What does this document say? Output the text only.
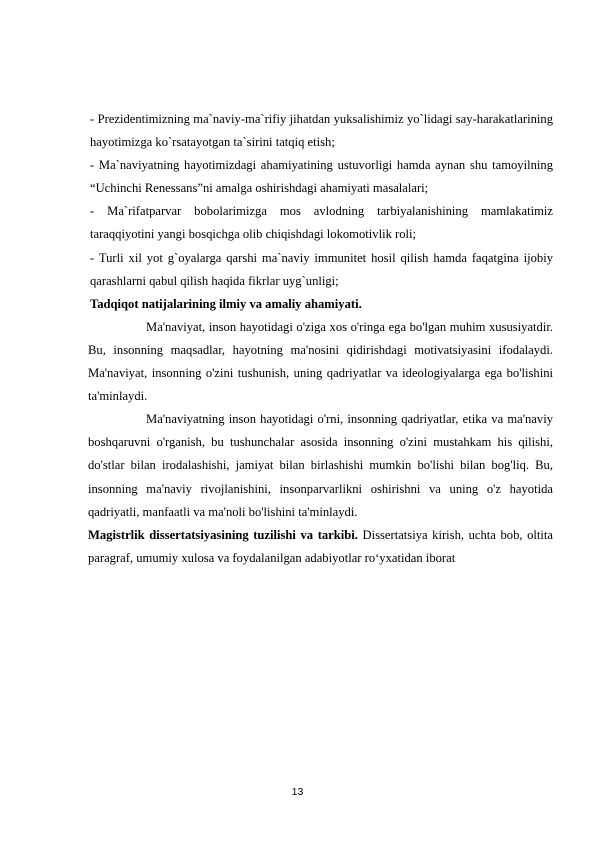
- Prezidentimizning ma`naviy-ma`rifiy jihatdan yuksalishimiz yo`lidagi say-harakatlarining hayotimizga ko`rsatayotgan ta`sirini tatqiq etish;

- Ma`naviyatning hayotimizdagi ahamiyatining ustuvorligi hamda aynan shu tamoyilning “Uchinchi Renessans”ni amalga oshirishdagi ahamiyati masalalari;

- Ma`rifatparvar bobolarimizga mos avlodning tarbiyalanishining mamlakatimiz taraqqiyotini yangi bosqichga olib chiqishdagi lokomotivlik roli;

- Turli xil yot g`oyalarga qarshi ma`naviy immunitet hosil qilish hamda faqatgina ijobiy qarashlarni qabul qilish haqida fikrlar uyg`unligi;

Tadqiqot natijalarining ilmiy va amaliy ahamiyati.

Ma'naviyat, inson hayotidagi o'ziga xos o'ringa ega bo'lgan muhim xususiyatdir. Bu, insonning maqsadlar, hayotning ma'nosini qidirishdagi motivatsiyasini ifodalaydi. Ma'naviyat, insonning o'zini tushunish, uning qadriyatlar va ideologiyalarga ega bo'lishini ta'minlaydi.

Ma'naviyatning inson hayotidagi o'rni, insonning qadriyatlar, etika va ma'naviy boshqaruvni o'rganish, bu tushunchalar asosida insonning o'zini mustahkam his qilishi, do'stlar bilan irodalashishi, jamiyat bilan birlashishi mumkin bo'lishi bilan bog'liq. Bu, insonning ma'naviy rivojlanishini, insonparvarlikni oshirishni va uning o'z hayotida qadriyatli, manfaatli va ma'noli bo'lishini ta'minlaydi.

Magistrlik dissertatsiyasining tuzilishi va tarkibi. Dissertatsiya kirish, uchta bob, oltita paragraf, umumiy xulosa va foydalanilgan adabiyotlar ro‘yxatidan iborat

13
